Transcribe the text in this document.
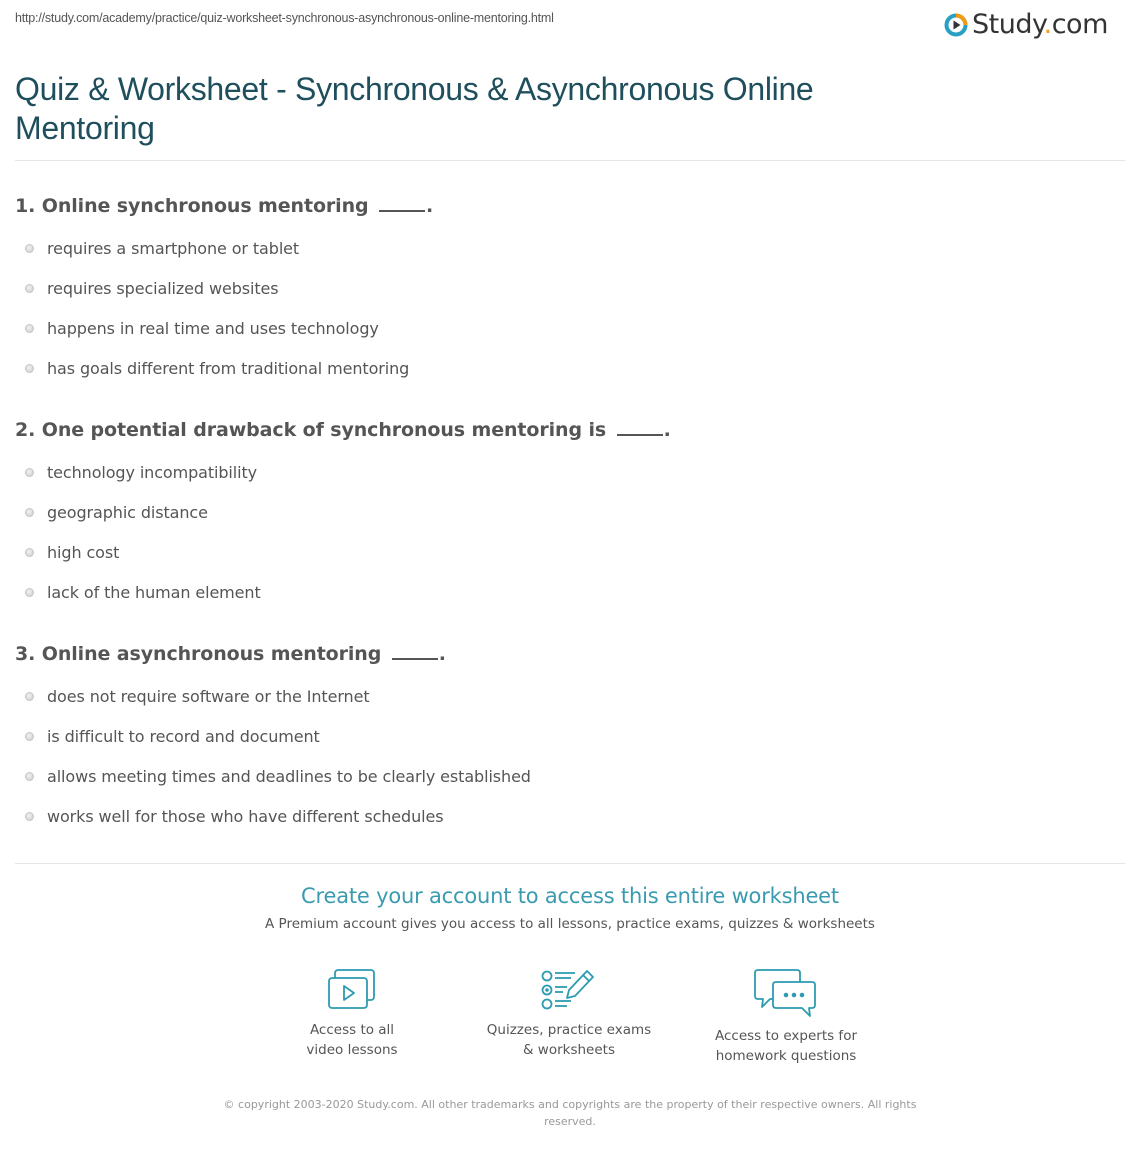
http://study.com/academy/practice/quiz-worksheet-synchronous-asynchronous-online-mentoring.html	Study.com
Quiz & Worksheet - Synchronous & Asynchronous Online Mentoring
1. Online synchronous mentoring	.
requires a smartphone or tablet
requires specialized websites
happens in real time and uses technology
has goals different from traditional mentoring
2. One potential drawback of synchronous mentoring is	.
technology incompatibility
geographic distance
high cost
lack of the human element
3. Online asynchronous mentoring	.
does not require software or the Internet
is difficult to record and document
allows meeting times and deadlines to be clearly established
works well for those who have different schedules
Create your account to access this entire worksheet
A Premium account gives you access to all lessons, practice exams, quizzes & worksheets
Access to all
video lessons
Quizzes, practice exams
& worksheets
Access to experts for
homework questions
© copyright 2003-2020 Study.com. All other trademarks and copyrights are the property of their respective owners. All rights reserved.
